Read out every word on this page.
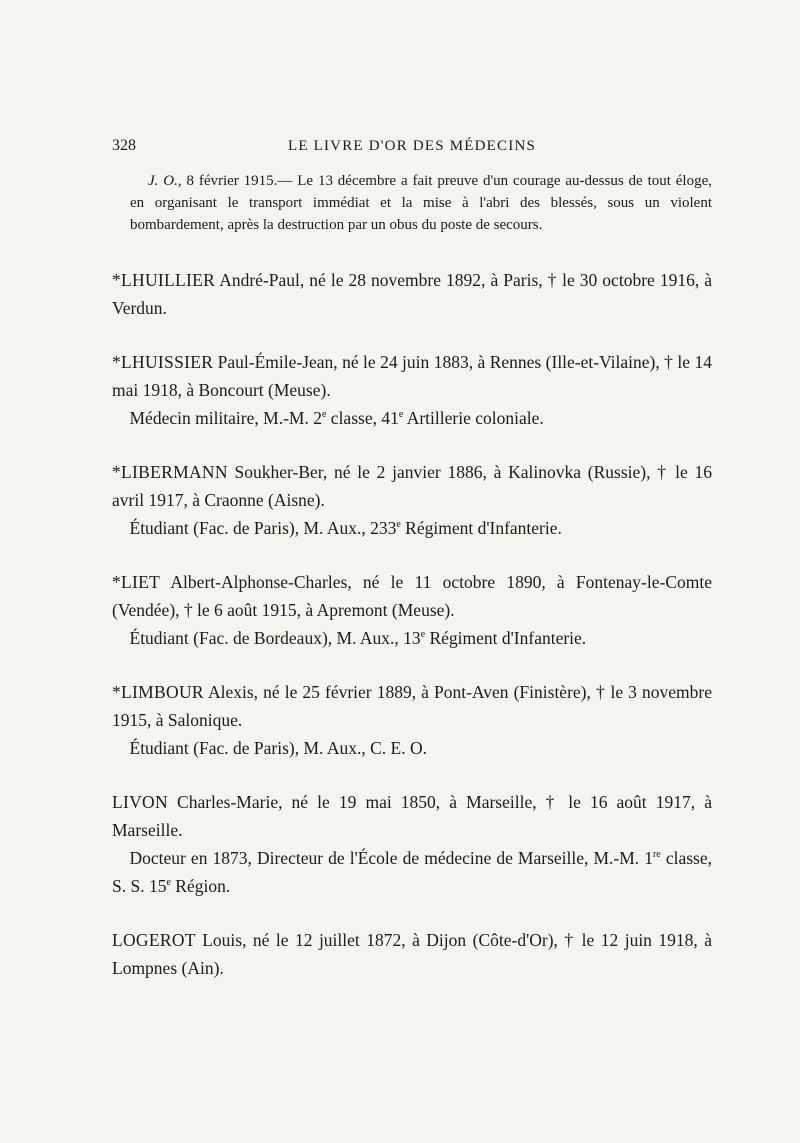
328	LE LIVRE D'OR DES MÉDECINS

J. O., 8 février 1915.— Le 13 décembre a fait preuve d'un courage au-dessus de tout éloge, en organisant le transport immédiat et la mise à l'abri des blessés, sous un violent bombardement, après la destruction par un obus du poste de secours.

*LHUILLIER André-Paul, né le 28 novembre 1892, à Paris, † le 30 octobre 1916, à Verdun.

*LHUISSIER Paul-Émile-Jean, né le 24 juin 1883, à Rennes (Ille-et-Vilaine), † le 14 mai 1918, à Boncourt (Meuse).

 Médecin militaire, M.-M. 2e classe, 41e Artillerie coloniale.

*LIBERMANN Soukher-Ber, né le 2 janvier 1886, à Kalinovka (Russie), † le 16 avril 1917, à Craonne (Aisne).

 Étudiant (Fac. de Paris), M. Aux., 233e Régiment d'Infanterie.

*LIET Albert-Alphonse-Charles, né le 11 octobre 1890, à Fontenay-le-Comte (Vendée), † le 6 août 1915, à Apremont (Meuse).

 Étudiant (Fac. de Bordeaux), M. Aux., 13e Régiment d'Infanterie.

*LIMBOUR Alexis, né le 25 février 1889, à Pont-Aven (Finistère), † le 3 novembre 1915, à Salonique.

 Étudiant (Fac. de Paris), M. Aux., C. E. O.

LIVON Charles-Marie, né le 19 mai 1850, à Marseille, † le 16 août 1917, à Marseille.

 Docteur en 1873, Directeur de l'École de médecine de Marseille, M.-M. 1re classe, S. S. 15e Région.

LOGEROT Louis, né le 12 juillet 1872, à Dijon (Côte-d'Or), † le 12 juin 1918, à Lompnes (Ain).
